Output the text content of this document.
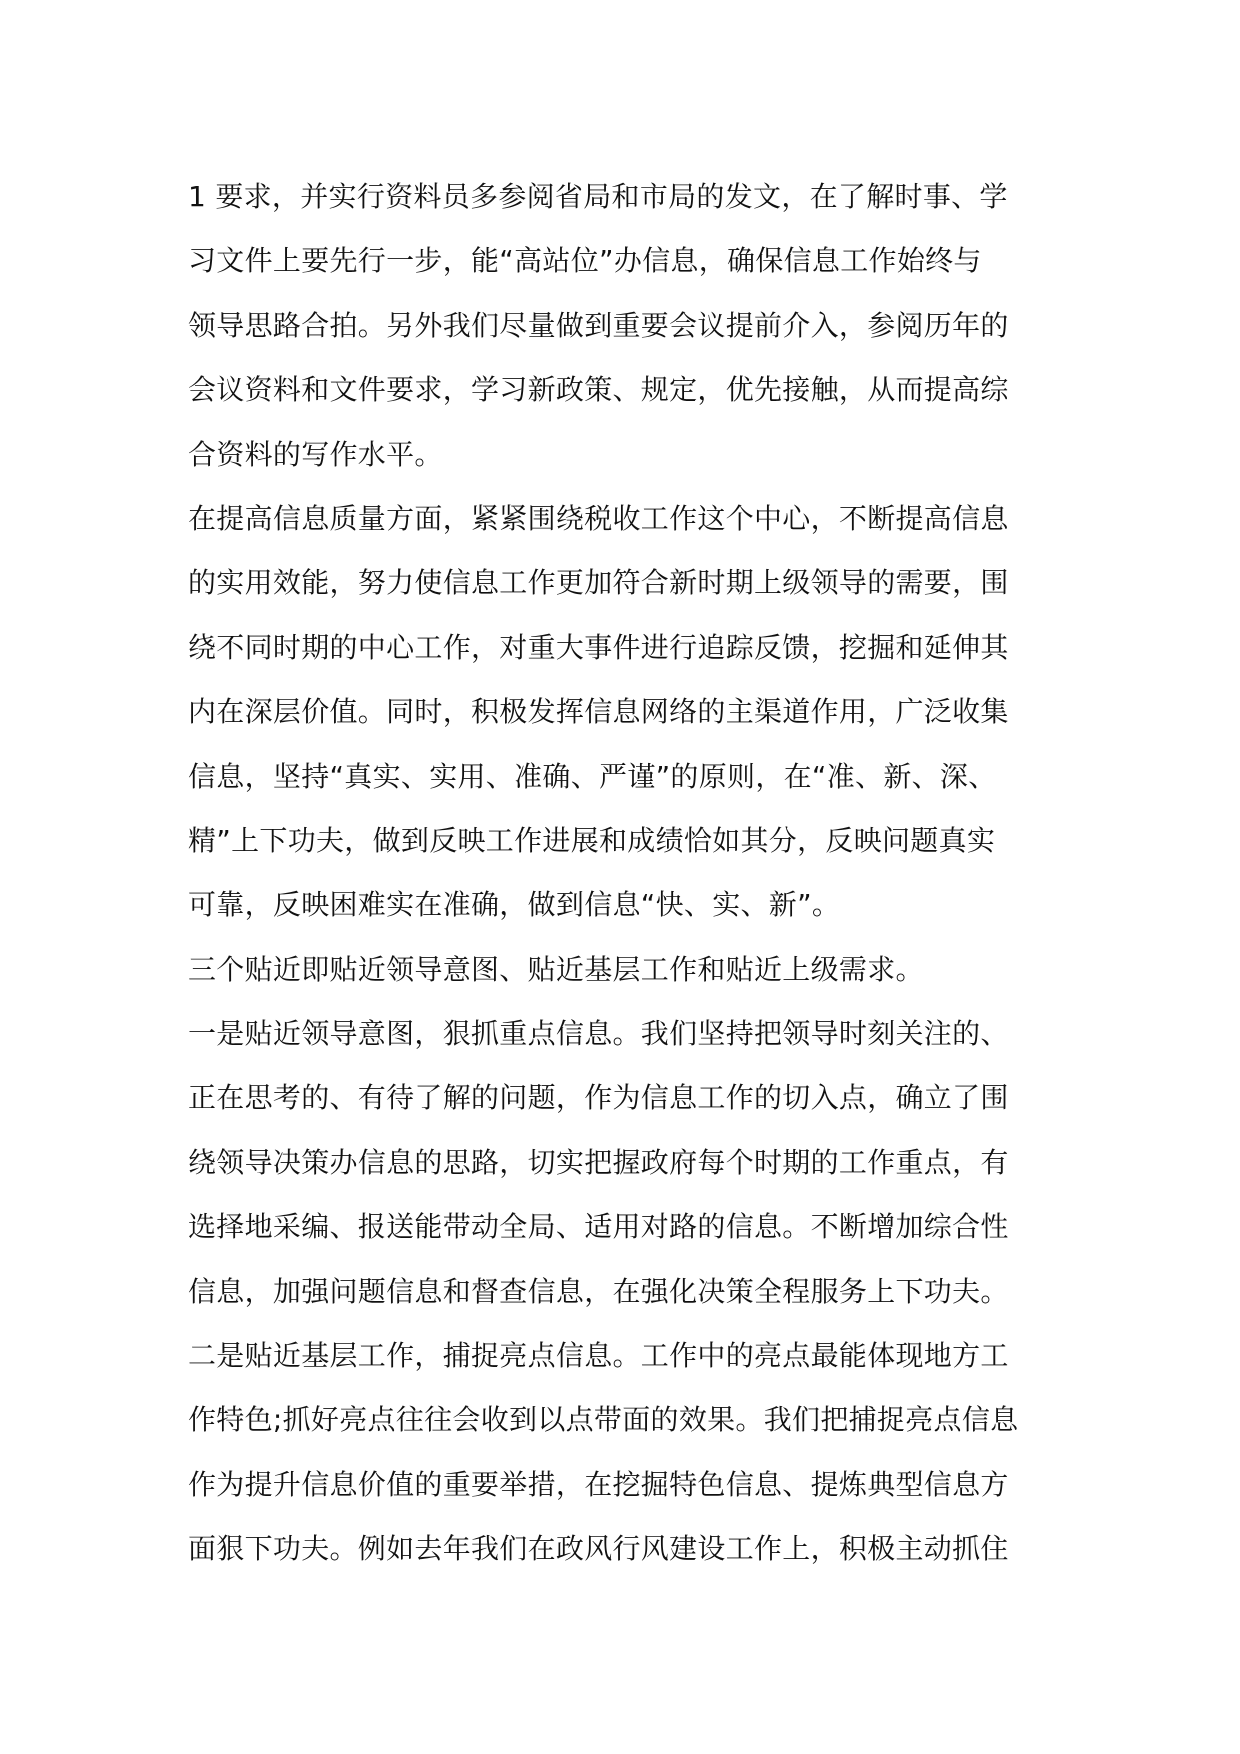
1 要求，并实行资料员多参阅省局和市局的发文，在了解时事、学
习文件上要先行一步，能“高站位”办信息，确保信息工作始终与
领导思路合拍。另外我们尽量做到重要会议提前介入，参阅历年的
会议资料和文件要求，学习新政策、规定，优先接触，从而提高综
合资料的写作水平。
在提高信息质量方面，紧紧围绕税收工作这个中心，不断提高信息
的实用效能，努力使信息工作更加符合新时期上级领导的需要，围
绕不同时期的中心工作，对重大事件进行追踪反馈，挖掘和延伸其
内在深层价值。同时，积极发挥信息网络的主渠道作用，广泛收集
信息，坚持“真实、实用、准确、严谨”的原则，在“准、新、深、
精”上下功夫，做到反映工作进展和成绩恰如其分，反映问题真实
可靠，反映困难实在准确，做到信息“快、实、新”。
三个贴近即贴近领导意图、贴近基层工作和贴近上级需求。
一是贴近领导意图，狠抓重点信息。我们坚持把领导时刻关注的、
正在思考的、有待了解的问题，作为信息工作的切入点，确立了围
绕领导决策办信息的思路，切实把握政府每个时期的工作重点，有
选择地采编、报送能带动全局、适用对路的信息。不断增加综合性
信息，加强问题信息和督查信息，在强化决策全程服务上下功夫。
二是贴近基层工作，捕捉亮点信息。工作中的亮点最能体现地方工
作特色;抓好亮点往往会收到以点带面的效果。我们把捕捉亮点信息
作为提升信息价值的重要举措，在挖掘特色信息、提炼典型信息方
面狠下功夫。例如去年我们在政风行风建设工作上，积极主动抓住
